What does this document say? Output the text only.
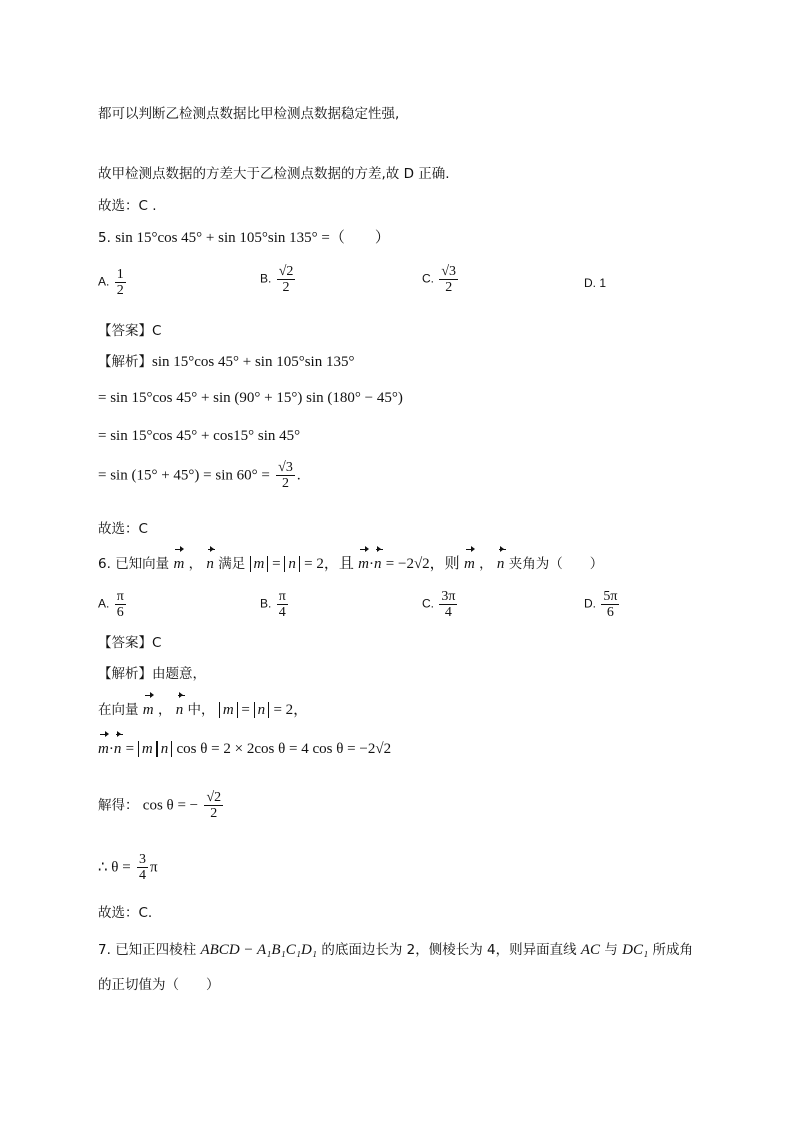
都可以判断乙检测点数据比甲检测点数据稳定性强,
故甲检测点数据的方差大于乙检测点数据的方差,故 D 正确.
故选：C .
5. sin 15°cos 45° + sin 105°sin 135° =（　　）
A. $\frac{1}{2}$	B. $\frac{√2}{2}$	C. $\frac{√3}{2}$	D. 1
【答案】C
【解析】sin 15°cos 45° + sin 105°sin 135°
= sin 15°cos 45° + sin (90° + 15°) sin (180° − 45°)
= sin 15°cos 45° + cos15° sin 45°
= $\sin (15^\circ + 45^\circ) = \sin 60^\circ = \frac{√3}{2}$ .
故选：C
6. 已知向量 m ， n 满足 m = n = 2，且 m·n = −2√2，则 m ， n 夹角为（　　）
A. $\frac{\pi}{6}$	B. $\frac{\pi}{4}$	C. $\frac{3\pi}{4}$	D. $\frac{5\pi}{6}$
【答案】C
【解析】由题意，
在向量 m ， n 中， m = n = 2，
m·n = m n cos θ = 2 × 2cos θ = 4 cos θ = −2√2
解得： cos θ = − $\frac{√2}{2}$
∴ $\theta = \frac{3}{4}$ π
故选：C.
7. 已知正四棱柱 ABCD − A₁B₁C₁D₁ 的底面边长为 2，侧棱长为 4，则异面直线 AC 与 DC₁ 所成角
的正切值为（　　）
